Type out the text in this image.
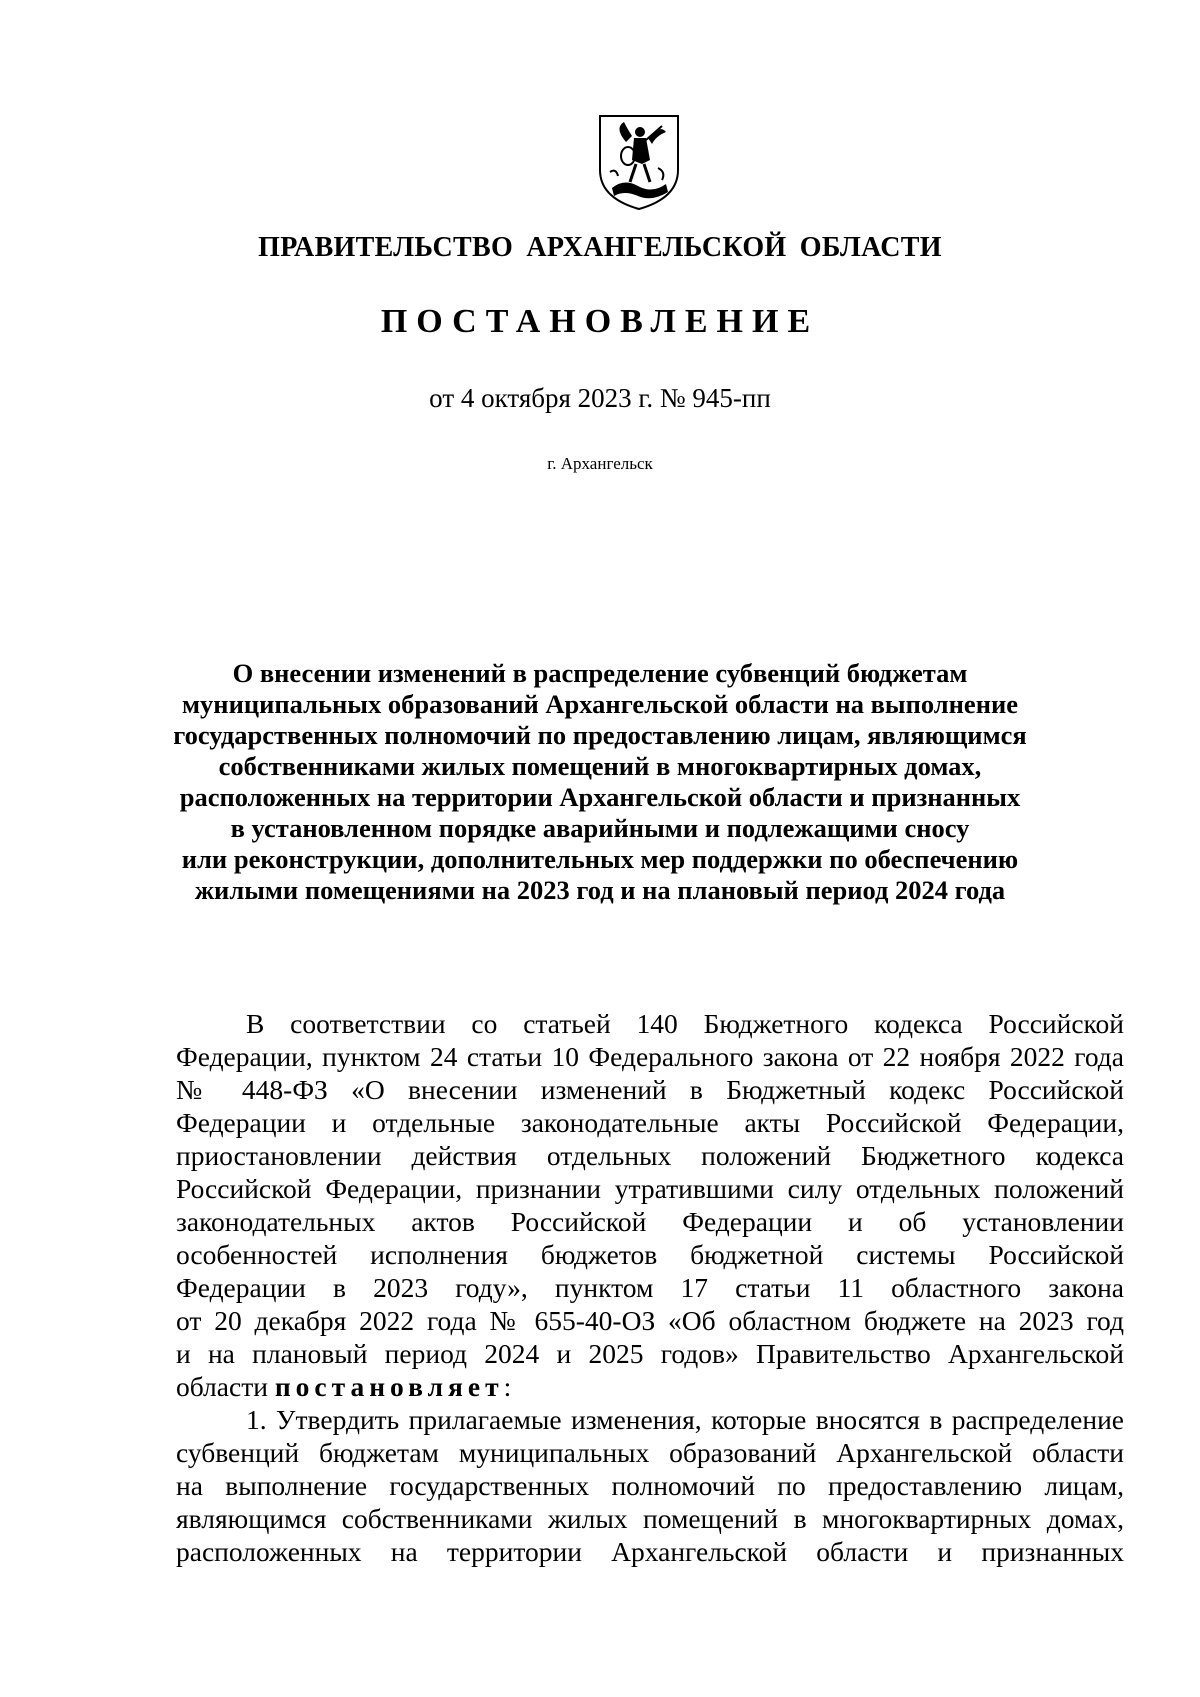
ПРАВИТЕЛЬСТВО АРХАНГЕЛЬСКОЙ ОБЛАСТИ
ПОСТАНОВЛЕНИЕ
от 4 октября 2023 г. № 945-пп
г. Архангельск
О внесении изменений в распределение субвенций бюджетам
муниципальных образований Архангельской области на выполнение
государственных полномочий по предоставлению лицам, являющимся
собственниками жилых помещений в многоквартирных домах,
расположенных на территории Архангельской области и признанных
в установленном порядке аварийными и подлежащими сносу
или реконструкции, дополнительных мер поддержки по обеспечению
жилыми помещениями на 2023 год и на плановый период 2024 года
В соответствии со статьей 140 Бюджетного кодекса Российской
Федерации, пунктом 24 статьи 10 Федерального закона от 22 ноября 2022 года
№ 448-ФЗ «О внесении изменений в Бюджетный кодекс Российской
Федерации и отдельные законодательные акты Российской Федерации,
приостановлении действия отдельных положений Бюджетного кодекса
Российской Федерации, признании утратившими силу отдельных положений
законодательных актов Российской Федерации и об установлении
особенностей исполнения бюджетов бюджетной системы Российской
Федерации в 2023 году», пунктом 17 статьи 11 областного закона
от 20 декабря 2022 года № 655-40-ОЗ «Об областном бюджете на 2023 год
и на плановый период 2024 и 2025 годов» Правительство Архангельской
области постановляет:
1. Утвердить прилагаемые изменения, которые вносятся в распределение
субвенций бюджетам муниципальных образований Архангельской области
на выполнение государственных полномочий по предоставлению лицам,
являющимся собственниками жилых помещений в многоквартирных домах,
расположенных на территории Архангельской области и признанных
